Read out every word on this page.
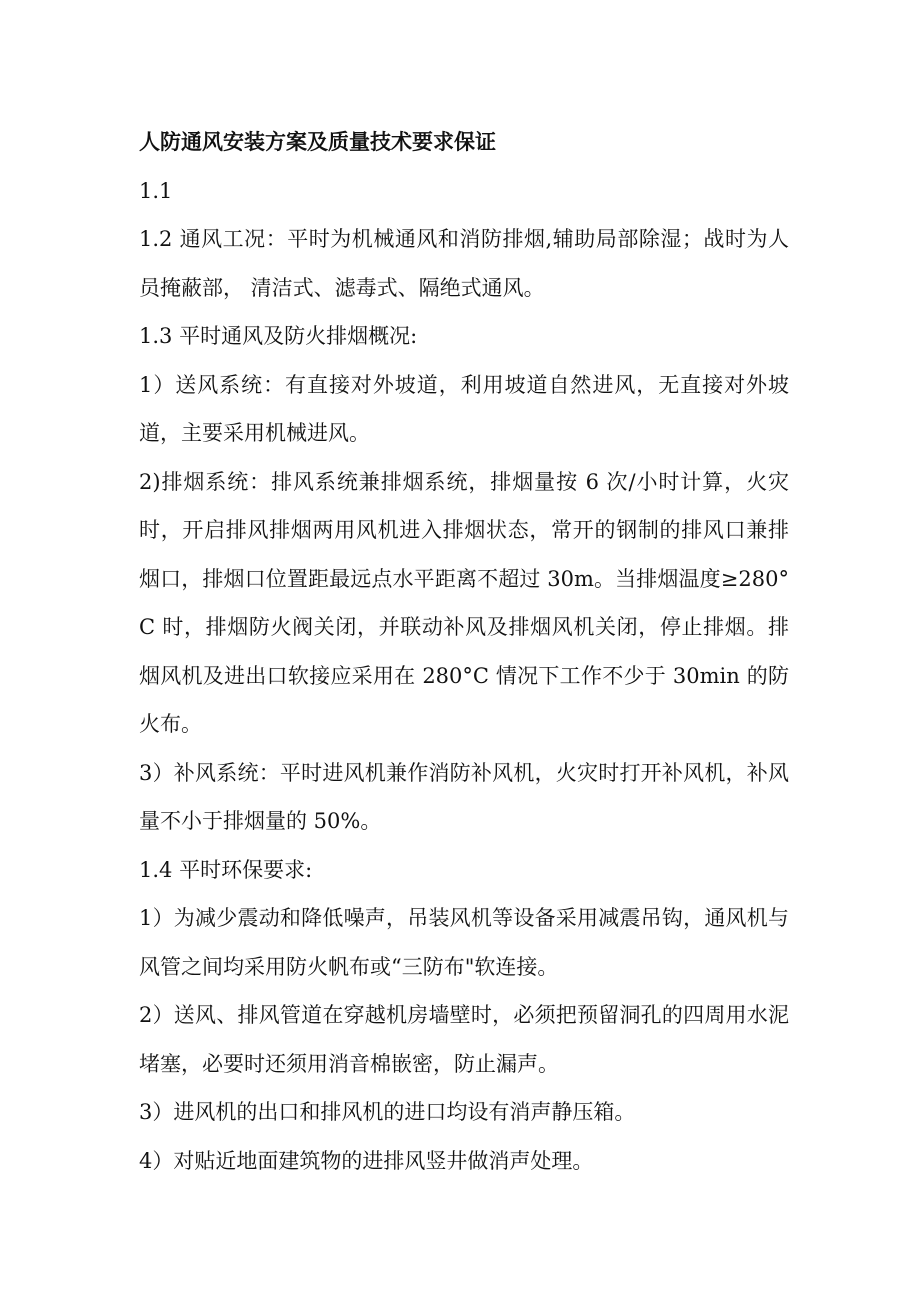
人防通风安装方案及质量技术要求保证

1.1

1.2 通风工况：平时为机械通风和消防排烟,辅助局部除湿；战时为人员掩蔽部， 清洁式、滤毒式、隔绝式通风。

1.3 平时通风及防火排烟概况:

1）送风系统：有直接对外坡道，利用坡道自然进风，无直接对外坡道，主要采用机械进风。

2)排烟系统：排风系统兼排烟系统，排烟量按 6 次/小时计算，火灾时，开启排风排烟两用风机进入排烟状态，常开的钢制的排风口兼排烟口，排烟口位置距最远点水平距离不超过 30m。当排烟温度≥280°C 时，排烟防火阀关闭，并联动补风及排烟风机关闭，停止排烟。排烟风机及进出口软接应采用在 280°C 情况下工作不少于 30min 的防火布。

3）补风系统：平时进风机兼作消防补风机，火灾时打开补风机，补风量不小于排烟量的 50%。

1.4 平时环保要求:

1）为减少震动和降低噪声，吊装风机等设备采用减震吊钩，通风机与风管之间均采用防火帆布或“三防布"软连接。

2）送风、排风管道在穿越机房墙壁时，必须把预留洞孔的四周用水泥堵塞，必要时还须用消音棉嵌密，防止漏声。

3）进风机的出口和排风机的进口均设有消声静压箱。

4）对贴近地面建筑物的进排风竖井做消声处理。
